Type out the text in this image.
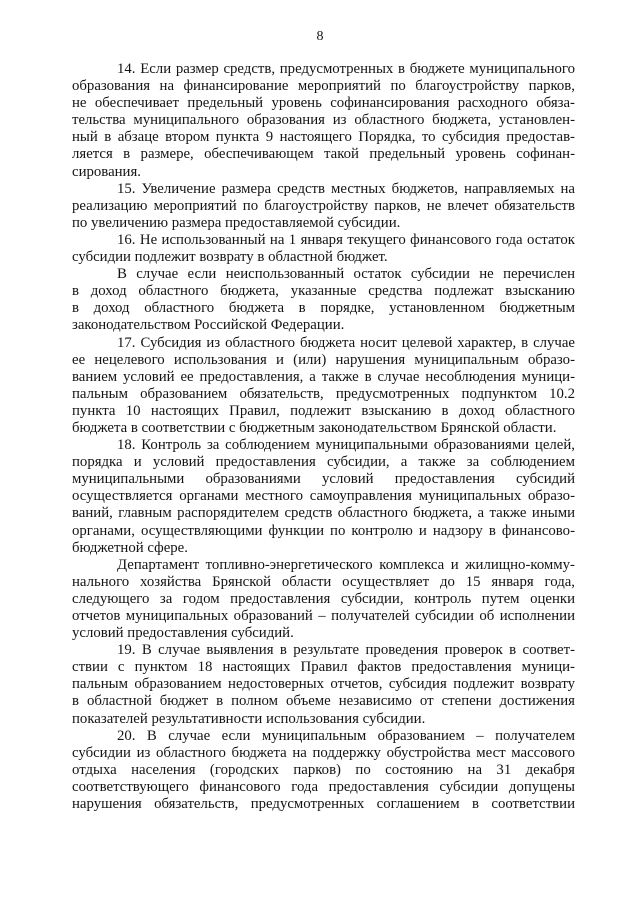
8
14. Если размер средств, предусмотренных в бюджете муниципального
образования на финансирование мероприятий по благоустройству парков,
не обеспечивает предельный уровень софинансирования расходного обяза-
тельства муниципального образования из областного бюджета, установлен-
ный в абзаце втором пункта 9 настоящего Порядка, то субсидия предостав-
ляется в размере, обеспечивающем такой предельный уровень софинан-
сирования.
15. Увеличение размера средств местных бюджетов, направляемых на
реализацию мероприятий по благоустройству парков, не влечет обязательств
по увеличению размера предоставляемой субсидии.
16. Не использованный на 1 января текущего финансового года остаток
субсидии подлежит возврату в областной бюджет.
В случае если неиспользованный остаток субсидии не перечислен
в доход областного бюджета, указанные средства подлежат взысканию
в доход областного бюджета в порядке, установленном бюджетным
законодательством Российской Федерации.
17. Субсидия из областного бюджета носит целевой характер, в случае
ее нецелевого использования и (или) нарушения муниципальным образо-
ванием условий ее предоставления, а также в случае несоблюдения муници-
пальным образованием обязательств, предусмотренных подпунктом 10.2
пункта 10 настоящих Правил, подлежит взысканию в доход областного
бюджета в соответствии с бюджетным законодательством Брянской области.
18. Контроль за соблюдением муниципальными образованиями целей,
порядка и условий предоставления субсидии, а также за соблюдением
муниципальными образованиями условий предоставления субсидий
осуществляется органами местного самоуправления муниципальных образо-
ваний, главным распорядителем средств областного бюджета, а также иными
органами, осуществляющими функции по контролю и надзору в финансово-
бюджетной сфере.
Департамент топливно-энергетического комплекса и жилищно-комму-
нального хозяйства Брянской области осуществляет до 15 января года,
следующего за годом предоставления субсидии, контроль путем оценки
отчетов муниципальных образований – получателей субсидии об исполнении
условий предоставления субсидий.
19. В случае выявления в результате проведения проверок в соответ-
ствии с пунктом 18 настоящих Правил фактов предоставления муници-
пальным образованием недостоверных отчетов, субсидия подлежит возврату
в областной бюджет в полном объеме независимо от степени достижения
показателей результативности использования субсидии.
20. В случае если муниципальным образованием – получателем
субсидии из областного бюджета на поддержку обустройства мест массового
отдыха населения (городских парков) по состоянию на 31 декабря
соответствующего финансового года предоставления субсидии допущены
нарушения обязательств, предусмотренных соглашением в соответствии
